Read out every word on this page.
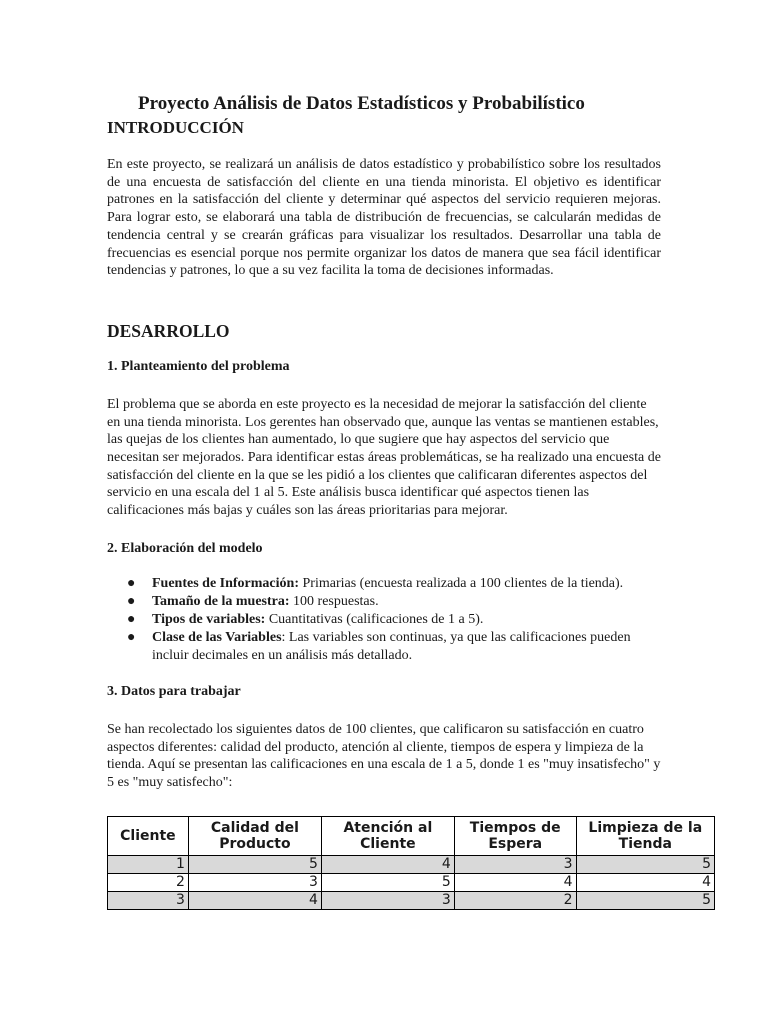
Proyecto Análisis de Datos Estadísticos y Probabilístico
INTRODUCCIÓN

En este proyecto, se realizará un análisis de datos estadístico y probabilístico sobre los resultados de una encuesta de satisfacción del cliente en una tienda minorista. El objetivo es identificar patrones en la satisfacción del cliente y determinar qué aspectos del servicio requieren mejoras. Para lograr esto, se elaborará una tabla de distribución de frecuencias, se calcularán medidas de tendencia central y se crearán gráficas para visualizar los resultados. Desarrollar una tabla de frecuencias es esencial porque nos permite organizar los datos de manera que sea fácil identificar tendencias y patrones, lo que a su vez facilita la toma de decisiones informadas.

DESARROLLO
1. Planteamiento del problema

El problema que se aborda en este proyecto es la necesidad de mejorar la satisfacción del cliente en una tienda minorista. Los gerentes han observado que, aunque las ventas se mantienen estables, las quejas de los clientes han aumentado, lo que sugiere que hay aspectos del servicio que necesitan ser mejorados. Para identificar estas áreas problemáticas, se ha realizado una encuesta de satisfacción del cliente en la que se les pidió a los clientes que calificaran diferentes aspectos del servicio en una escala del 1 al 5. Este análisis busca identificar qué aspectos tienen las calificaciones más bajas y cuáles son las áreas prioritarias para mejorar.

2. Elaboración del modelo
● Fuentes de Información: Primarias (encuesta realizada a 100 clientes de la tienda).
● Tamaño de la muestra: 100 respuestas.
● Tipos de variables: Cuantitativas (calificaciones de 1 a 5).
● Clase de las Variables: Las variables son continuas, ya que las calificaciones pueden incluir decimales en un análisis más detallado.
3. Datos para trabajar

Se han recolectado los siguientes datos de 100 clientes, que calificaron su satisfacción en cuatro aspectos diferentes: calidad del producto, atención al cliente, tiempos de espera y limpieza de la tienda. Aquí se presentan las calificaciones en una escala de 1 a 5, donde 1 es "muy insatisfecho" y 5 es "muy satisfecho":

Cliente	Calidad del Producto	Atención al Cliente	Tiempos de Espera	Limpieza de la Tienda
1	5	4	3	5
2	3	5	4	4
3	4	3	2	5
